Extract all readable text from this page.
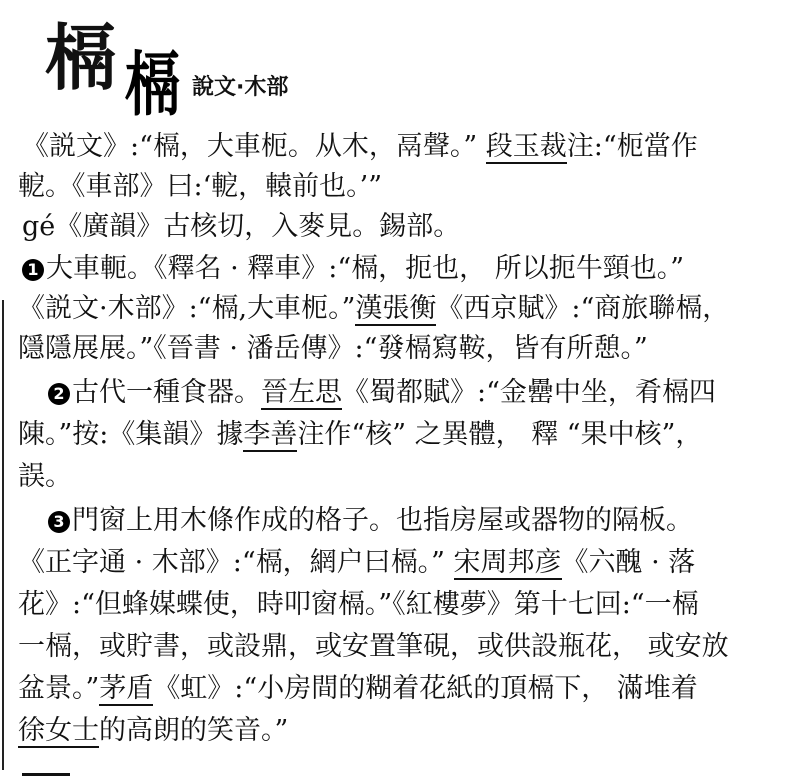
槅 槅 說文·木部
《説文》:“槅，大車枙。从木，鬲聲。” 段玉裁注:“枙當作
軶。《車部》曰:‘軶，轅前也。’”
gé《廣韻》古核切，入麥見。錫部。
1 大車軛。《釋名 · 釋車》:“槅，扼也， 所以扼牛頸也。”
《説文·木部》:“槅,大車枙。”漢張衡《西京賦》:“商旅聯槅，
隱隱展展。”《晉書 · 潘岳傳》:“發槅寫鞍，皆有所憩。”
2 古代一種食器。晉左思《蜀都賦》:“金罍中坐，肴槅四
陳。”按:《集韻》據李善注作“核” 之異體， 釋 “果中核”，
誤。
3 門窗上用木條作成的格子。也指房屋或器物的隔板。
《正字通 · 木部》:“槅，網户曰槅。” 宋周邦彦《六醜 · 落
花》:“但蜂媒蝶使，時叩窗槅。”《紅樓夢》第十七回:“一槅
一槅，或貯書，或設鼎，或安置筆硯，或供設瓶花， 或安放
盆景。”茅盾《虹》:“小房間的糊着花紙的頂槅下， 滿堆着
徐女士的高朗的笑音。”
